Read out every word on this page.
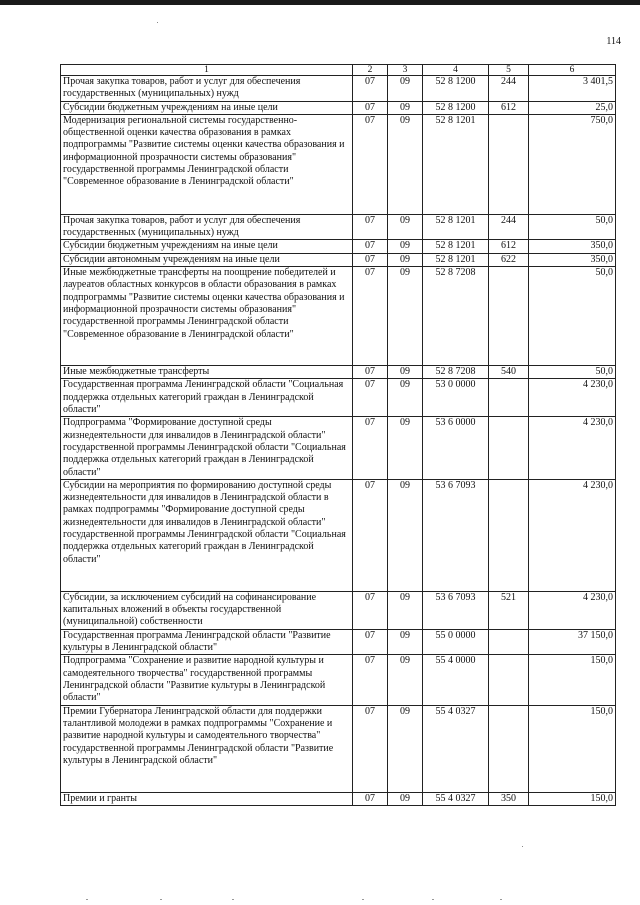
114
1	2	3	4	5	6
Прочая закупка товаров, работ и услуг для обеспечения государственных (муниципальных) нужд	07	09	52 8 1200	244	3 401,5
Субсидии бюджетным учреждениям на иные цели	07	09	52 8 1200	612	25,0
Модернизация региональной системы государственно-общественной оценки качества образования в рамках подпрограммы "Развитие системы оценки качества образования и информационной прозрачности системы образования" государственной программы Ленинградской области "Современное образование в Ленинградской области"	07	09	52 8 1201		750,0
Прочая закупка товаров, работ и услуг для обеспечения государственных (муниципальных) нужд	07	09	52 8 1201	244	50,0
Субсидии бюджетным учреждениям на иные цели	07	09	52 8 1201	612	350,0
Субсидии автономным учреждениям на иные цели	07	09	52 8 1201	622	350,0
Иные межбюджетные трансферты на поощрение победителей и лауреатов областных конкурсов в области образования в рамках подпрограммы "Развитие системы оценки качества образования и информационной прозрачности системы образования" государственной программы Ленинградской области "Современное образование в Ленинградской области"	07	09	52 8 7208		50,0
Иные межбюджетные трансферты	07	09	52 8 7208	540	50,0
Государственная программа Ленинградской области "Социальная поддержка отдельных категорий граждан в Ленинградской области"	07	09	53 0 0000		4 230,0
Подпрограмма "Формирование доступной среды жизнедеятельности для инвалидов в Ленинградской области" государственной программы Ленинградской области "Социальная поддержка отдельных категорий граждан в Ленинградской области"	07	09	53 6 0000		4 230,0
Субсидии на мероприятия по формированию доступной среды жизнедеятельности для инвалидов в Ленинградской области в рамках подпрограммы "Формирование доступной среды жизнедеятельности для инвалидов в Ленинградской области" государственной программы Ленинградской области "Социальная поддержка отдельных категорий граждан в Ленинградской области"	07	09	53 6 7093		4 230,0
Субсидии, за исключением субсидий на софинансирование капитальных вложений в объекты государственной (муниципальной) собственности	07	09	53 6 7093	521	4 230,0
Государственная программа Ленинградской области "Развитие культуры в Ленинградской области"	07	09	55 0 0000		37 150,0
Подпрограмма "Сохранение и развитие народной культуры и самодеятельного творчества" государственной программы Ленинградской области "Развитие культуры в Ленинградской области"	07	09	55 4 0000		150,0
Премии Губернатора Ленинградской области для поддержки талантливой молодежи в рамках подпрограммы "Сохранение и развитие народной культуры и самодеятельного творчества" государственной программы Ленинградской области "Развитие культуры в Ленинградской области"	07	09	55 4 0327		150,0
Премии и гранты	07	09	55 4 0327	350	150,0
